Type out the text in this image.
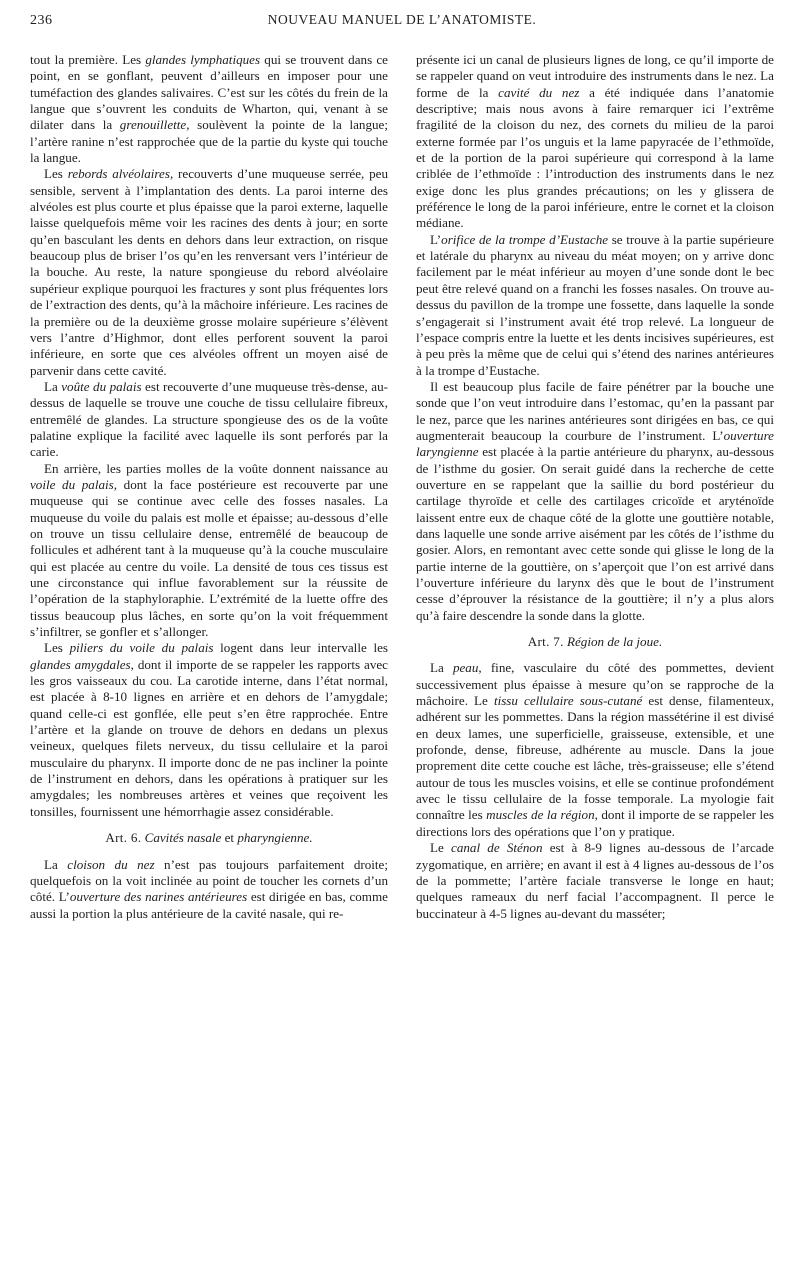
236	NOUVEAU MANUEL DE L’ANATOMISTE.

tout la première. Les glandes lymphatiques qui se trouvent dans ce point, en se gonflant, peuvent d’ailleurs en imposer pour une tuméfaction des glandes salivaires. C’est sur les côtés du frein de la langue que s’ouvrent les conduits de Wharton, qui, venant à se dilater dans la grenouillette, soulèvent la pointe de la langue; l’artère ranine n’est rapprochée que de la partie du kyste qui touche la langue.

Les rebords alvéolaires, recouverts d’une muqueuse serrée, peu sensible, servent à l’implantation des dents. La paroi interne des alvéoles est plus courte et plus épaisse que la paroi externe, laquelle laisse quelquefois même voir les racines des dents à jour; en sorte qu’en basculant les dents en dehors dans leur extraction, on risque beaucoup plus de briser l’os qu’en les renversant vers l’intérieur de la bouche. Au reste, la nature spongieuse du rebord alvéolaire supérieur explique pourquoi les fractures y sont plus fréquentes lors de l’extraction des dents, qu’à la mâchoire inférieure. Les racines de la première ou de la deuxième grosse molaire supérieure s’élèvent vers l’antre d’Highmor, dont elles perforent souvent la paroi inférieure, en sorte que ces alvéoles offrent un moyen aisé de parvenir dans cette cavité.

La voûte du palais est recouverte d’une muqueuse très-dense, au-dessus de laquelle se trouve une couche de tissu cellulaire fibreux, entremêlé de glandes. La structure spongieuse des os de la voûte palatine explique la facilité avec laquelle ils sont perforés par la carie.

En arrière, les parties molles de la voûte donnent naissance au voile du palais, dont la face postérieure est recouverte par une muqueuse qui se continue avec celle des fosses nasales. La muqueuse du voile du palais est molle et épaisse; au-dessous d’elle on trouve un tissu cellulaire dense, entremêlé de beaucoup de follicules et adhérent tant à la muqueuse qu’à la couche musculaire qui est placée au centre du voile. La densité de tous ces tissus est une circonstance qui influe favorablement sur la réussite de l’opération de la staphyloraphie. L’extrémité de la luette offre des tissus beaucoup plus lâches, en sorte qu’on la voit fréquemment s’infiltrer, se gonfler et s’allonger.

Les piliers du voile du palais logent dans leur intervalle les glandes amygdales, dont il importe de se rappeler les rapports avec les gros vaisseaux du cou. La carotide interne, dans l’état normal, est placée à 8-10 lignes en arrière et en dehors de l’amygdale; quand celle-ci est gonflée, elle peut s’en être rapprochée. Entre l’artère et la glande on trouve de dehors en dedans un plexus veineux, quelques filets nerveux, du tissu cellulaire et la paroi musculaire du pharynx. Il importe donc de ne pas incliner la pointe de l’instrument en dehors, dans les opérations à pratiquer sur les amygdales; les nombreuses artères et veines que reçoivent les tonsilles, fournissent une hémorrhagie assez considérable.

Art. 6. Cavités nasale et pharyngienne.

La cloison du nez n’est pas toujours parfaitement droite; quelquefois on la voit inclinée au point de toucher les cornets d’un côté. L’ouverture des narines antérieures est dirigée en bas, comme aussi la portion la plus antérieure de la cavité nasale, qui re-

présente ici un canal de plusieurs lignes de long, ce qu’il importe de se rappeler quand on veut introduire des instruments dans le nez. La forme de la cavité du nez a été indiquée dans l’anatomie descriptive; mais nous avons à faire remarquer ici l’extrême fragilité de la cloison du nez, des cornets du milieu de la paroi externe formée par l’os unguis et la lame papyracée de l’ethmoïde, et de la portion de la paroi supérieure qui correspond à la lame criblée de l’ethmoïde : l’introduction des instruments dans le nez exige donc les plus grandes précautions; on les y glissera de préférence le long de la paroi inférieure, entre le cornet et la cloison médiane.

L’orifice de la trompe d’Eustache se trouve à la partie supérieure et latérale du pharynx au niveau du méat moyen; on y arrive donc facilement par le méat inférieur au moyen d’une sonde dont le bec peut être relevé quand on a franchi les fosses nasales. On trouve au-dessus du pavillon de la trompe une fossette, dans laquelle la sonde s’engagerait si l’instrument avait été trop relevé. La longueur de l’espace compris entre la luette et les dents incisives supérieures, est à peu près la même que de celui qui s’étend des narines antérieures à la trompe d’Eustache.

Il est beaucoup plus facile de faire pénétrer par la bouche une sonde que l’on veut introduire dans l’estomac, qu’en la passant par le nez, parce que les narines antérieures sont dirigées en bas, ce qui augmenterait beaucoup la courbure de l’instrument. L’ouverture laryngienne est placée à la partie antérieure du pharynx, au-dessous de l’isthme du gosier. On serait guidé dans la recherche de cette ouverture en se rappelant que la saillie du bord postérieur du cartilage thyroïde et celle des cartilages cricoïde et aryténoïde laissent entre eux de chaque côté de la glotte une gouttière notable, dans laquelle une sonde arrive aisément par les côtés de l’isthme du gosier. Alors, en remontant avec cette sonde qui glisse le long de la partie interne de la gouttière, on s’aperçoit que l’on est arrivé dans l’ouverture inférieure du larynx dès que le bout de l’instrument cesse d’éprouver la résistance de la gouttière; il n’y a plus alors qu’à faire descendre la sonde dans la glotte.

Art. 7. Région de la joue.

La peau, fine, vasculaire du côté des pommettes, devient successivement plus épaisse à mesure qu’on se rapproche de la mâchoire. Le tissu cellulaire sous-cutané est dense, filamenteux, adhérent sur les pommettes. Dans la région massétérine il est divisé en deux lames, une superficielle, graisseuse, extensible, et une profonde, dense, fibreuse, adhérente au muscle. Dans la joue proprement dite cette couche est lâche, très-graisseuse; elle s’étend autour de tous les muscles voisins, et elle se continue profondément avec le tissu cellulaire de la fosse temporale. La myologie fait connaître les muscles de la région, dont il importe de se rappeler les directions lors des opérations que l’on y pratique.

Le canal de Sténon est à 8-9 lignes au-dessous de l’arcade zygomatique, en arrière; en avant il est à 4 lignes au-dessous de l’os de la pommette; l’artère faciale transverse le longe en haut; quelques rameaux du nerf facial l’accompagnent. Il perce le buccinateur à 4-5 lignes au-devant du masséter;
